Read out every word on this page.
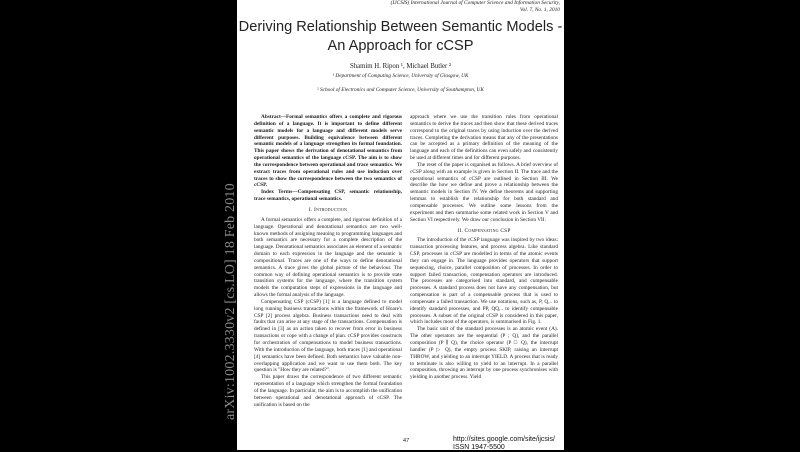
(IJCSIS) International Journal of Computer Science and Information Security,
Vol. 7, No. 1, 2010
Deriving Relationship Between Semantic Models -
An Approach for cCSP
Shamim H. Ripon ¹, Michael Butler ²
¹ Department of Computing Science, University of Glasgow, UK
² School of Electronics and Computer Science, University of Southampton, UK

Abstract—Formal semantics offers a complete and rigorous definition of a language. It is important to define different semantic models for a language and different models serve different purposes. Building equivalence between different semantic models of a language strengthen its formal foundation. This paper shows the derivation of denotational semantics from operational semantics of the language cCSP. The aim is to show the correspondence between operational and trace semantics. We extract traces from operational rules and use induction over traces to show the correspondence between the two semantics of cCSP.

Index Terms—Compensating CSP, semantic relationship, trace semantics, operational semantics.

I. Introduction

A formal semantics offers a complete, and rigorous definition of a language. Operational and denotational semantics are two well-known methods of assigning meaning to programming languages and both semantics are necessary for a complete description of the language. Denotational semantics associates an element of a semantic domain to each expression in the language and the semantic is compositional. Traces are one of the ways to define denotational semantics. A trace gives the global picture of the behaviour. The common way of defining operational semantics is to provide state transition systems for the language, where the transition system models the computation steps of expressions in the language and allows the formal analysis of the language.

Compensating CSP (cCSP) [1] is a language defined to model long running business transactions within the framework of Hoare's CSP [2] process algebra. Business transactions need to deal with faults that can arise at any stage of the transactions. Compensation is defined in [3] as an action taken to recover from error in business transactions or cope with a change of plan. cCSP provides constructs for orchestration of compensations to model business transactions. With the introduction of the language, both traces [1] and operational [4] semantics have been defined. Both semantics have valuable non-overlapping application and we want to use them both. The key question is "How they are related?".

This paper draws the correspondence of two different semantic representation of a language which strengthen the formal foundation of the language. In particular, the aim is to accomplish the unification between operational and denotational approach of cCSP. The unification is based on the

approach where we use the transition rules from operational semantics to derive the traces and then show that these derived traces correspond to the original traces by using induction over the derived traces. Completing the derivation means that any of the presentations can be accepted as a primary definition of the meaning of the language and each of the definitions can even safely and consistently be used at different times and for different purposes.

The reset of the paper is organised as follows. A brief overview of cCSP along with an example is given in Section II. The trace and the operational semantics of cCSP are outlined in Section III. We describe the how we define and prove a relationship between the semantic models in Section IV. We define theorems and supporting lemmas to establish the relationship for both standard and compensable processes. We outline some lessons from the experiment and then summarise some related work in Section V and Section VI respectively. We draw our conclusion in Section VII.

II. Compensating CSP

The introduction of the cCSP language was inspired by two ideas: transaction processing features, and process algebra. Like standard CSP, processes in cCSP are modelled in terms of the atomic events they can engage in. The language provides operators that support sequencing, choice, parallel composition of processes. In order to support failed transaction, compensation operators are introduced. The processes are categorised into standard, and compensable processes. A standard process does not have any compensation, but compensation is part of a compensable process that is used to compensate a failed transaction. We use notations, such as, P, Q,.. to identify standard processes, and PP, QQ,.. to identify compensable processes. A subset of the original cCSP is considered in this paper, which includes most of the operators, is summarised in Fig. 1.

The basic unit of the standard processes is an atomic event (A). The other operators are the sequential (P ; Q), and the parallel composition (P ∥ Q), the choice operator (P □ Q), the interrupt handler (P ▷ Q), the empty process SKIP, raising an interrupt THROW, and yielding to an interrupt YIELD. A process that is ready to terminate is also willing to yield to an interrupt. In a parallel composition, throwing an interrupt by one process synchronises with yielding in another process. Yield

47	http://sites.google.com/site/ijcsis/
ISSN 1947-5500
arXiv:1002.3330v2 [cs.LO] 18 Feb 2010
